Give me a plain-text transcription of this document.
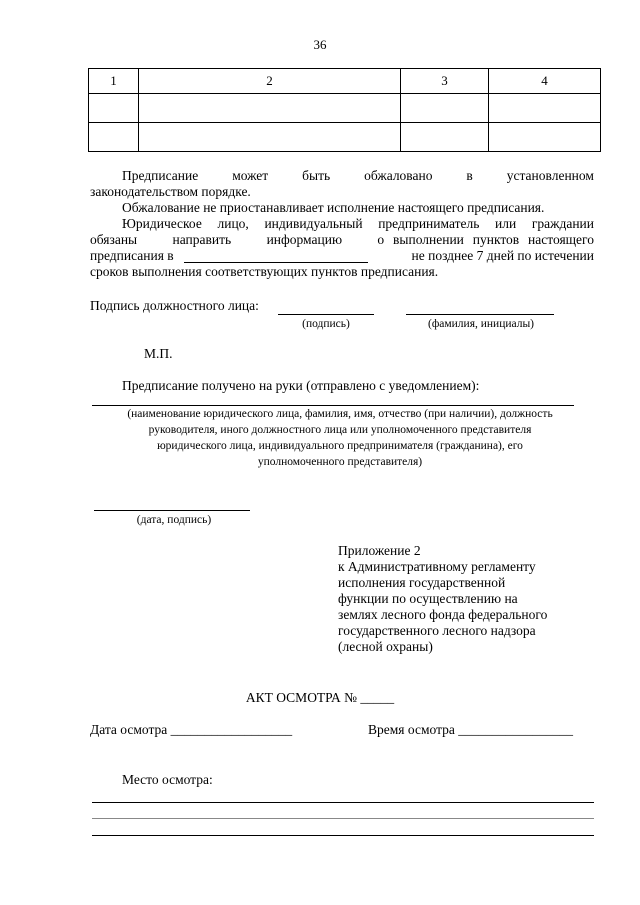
36
1	2	3	4

Предписание	может	быть	обжаловано	в	установленном
законодательством порядке.
Обжалование не приостанавливает исполнение настоящего предписания.
Юридическое лицо, индивидуальный предприниматель или граждании
обязаны    направить    информацию    о выполнении пунктов настоящего
предписания в	не позднее 7 дней по истечении
сроков выполнения соответствующих пунктов предписания.
Подпись должностного лица:
(подпись)	(фамилия, инициалы)
М.П.
Предписание получено на руки (отправлено с уведомлением):
(наименование юридического лица, фамилия, имя, отчество (при наличии), должность
руководителя, иного должностного лица или уполномоченного представителя
юридического лица, индивидуального предпринимателя (гражданина), его
уполномоченного представителя)
(дата, подпись)
Приложение 2
к Административному регламенту
исполнения государственной
функции по осуществлению на
землях лесного фонда федерального
государственного лесного надзора
(лесной охраны)
АКТ ОСМОТРА № _____
Дата осмотра __________________	Время осмотра _________________
Место осмотра:
